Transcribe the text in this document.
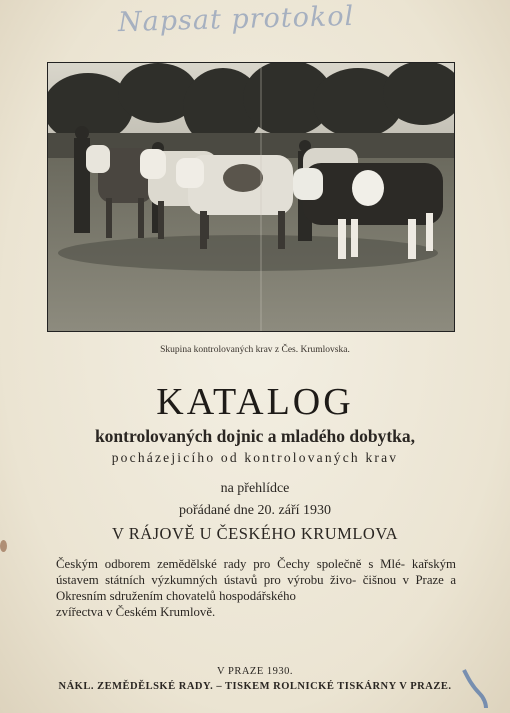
Napsat protokol
Skupina kontrolovaných krav z Čes. Krumlovska.
KATALOG
kontrolovaných dojnic a mladého dobytka,
pocházejicího od kontrolovaných krav
na přehlídce
pořádané dne 20. září 1930
V RÁJOVĚ U ČESKÉHO KRUMLOVA
Českým odborem zemědělské rady pro Čechy společně s Mlé- kařským ústavem státních výzkumných ústavů pro výrobu živo- čišnou v Praze a Okresním sdružením chovatelů hospodářského
zvířectva v Českém Krumlově.
V PRAZE 1930.
NÁKL. ZEMĚDĚLSKÉ RADY. – TISKEM ROLNICKÉ TISKÁRNY V PRAZE.
